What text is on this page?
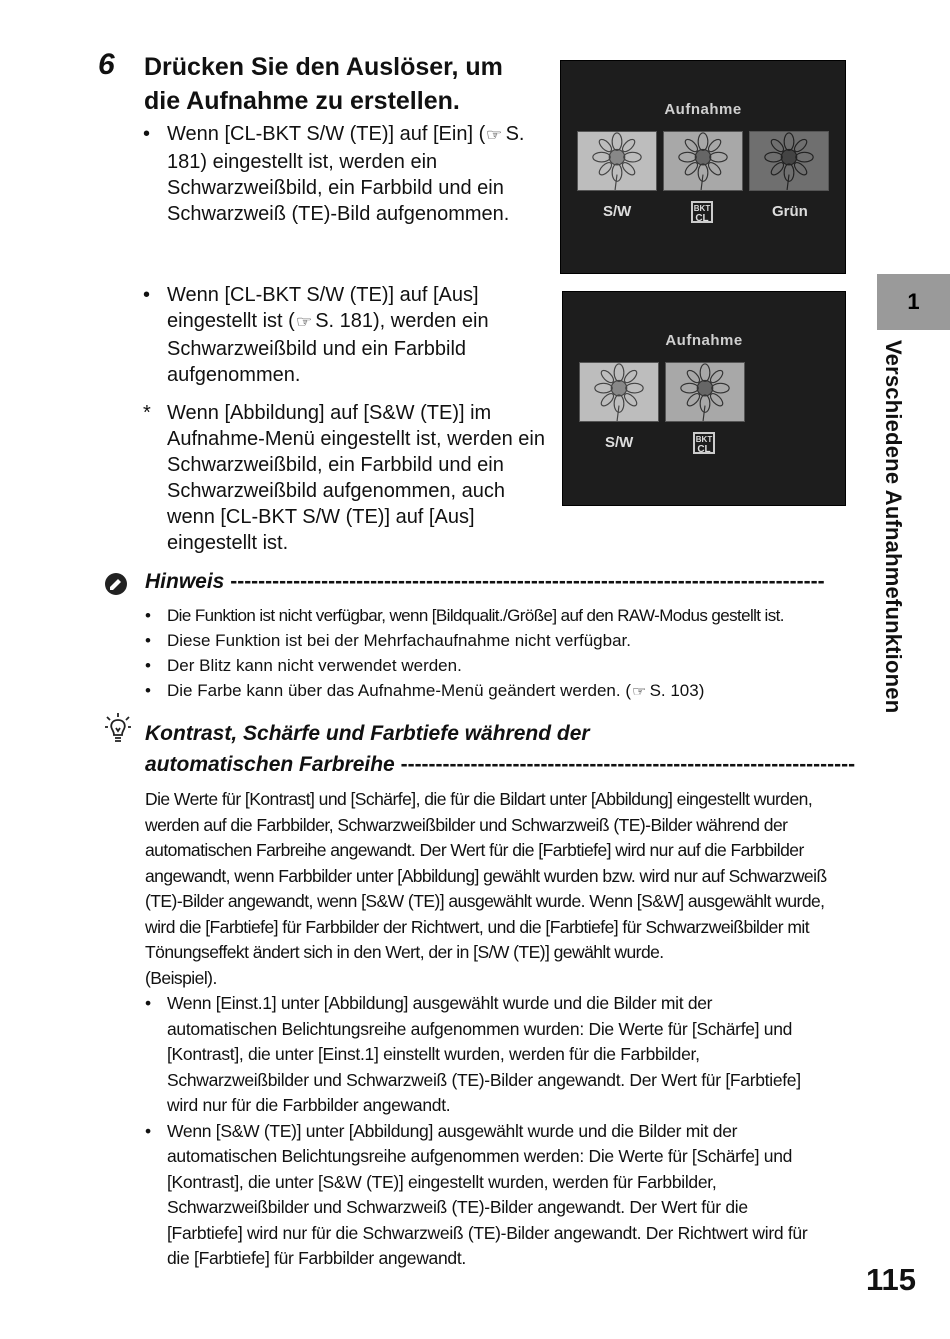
6 Drücken Sie den Auslöser, um
die Aufnahme zu erstellen.
• Wenn [CL-BKT S/W (TE)] auf [Ein] (☞ S. 181) eingestellt ist, werden ein Schwarzweißbild, ein Farbbild und ein Schwarzweiß (TE)-Bild aufgenommen.
• Wenn [CL-BKT S/W (TE)] auf [Aus] eingestellt ist (☞ S. 181), werden ein Schwarzweißbild und ein Farbbild aufgenommen.
* Wenn [Abbildung] auf [S&W (TE)] im Aufnahme-Menü eingestellt ist, werden ein Schwarzweißbild, ein Farbbild und ein Schwarzweißbild aufgenommen, auch wenn [CL-BKT S/W (TE)] auf [Aus] eingestellt ist.
Aufnahme
S/W	BKT
CL	Grün
Aufnahme
S/W	BKT
CL
1
Verschiedene Aufnahmefunktionen
Hinweis -------------------------------------------------------------------------------------
• Die Funktion ist nicht verfügbar, wenn [Bildqualit./Größe] auf den RAW-Modus gestellt ist.
• Diese Funktion ist bei der Mehrfachaufnahme nicht verfügbar.
• Der Blitz kann nicht verwendet werden.
• Die Farbe kann über das Aufnahme-Menü geändert werden. (☞ S. 103)
Kontrast, Schärfe und Farbtiefe während der
automatischen Farbreihe -----------------------------------------------------------------
Die Werte für [Kontrast] und [Schärfe], die für die Bildart unter [Abbildung] eingestellt wurden,
werden auf die Farbbilder, Schwarzweißbilder und Schwarzweiß (TE)-Bilder während der
automatischen Farbreihe angewandt. Der Wert für die [Farbtiefe] wird nur auf die Farbbilder
angewandt, wenn Farbbilder unter [Abbildung] gewählt wurden bzw. wird nur auf Schwarzweiß
(TE)-Bilder angewandt, wenn [S&W (TE)] ausgewählt wurde. Wenn [S&W] ausgewählt wurde,
wird die [Farbtiefe] für Farbbilder der Richtwert, und die [Farbtiefe] für Schwarzweißbilder mit
Tönungseffekt ändert sich in den Wert, der in [S/W (TE)] gewählt wurde.
(Beispiel).
• Wenn [Einst.1] unter [Abbildung] ausgewählt wurde und die Bilder mit der
automatischen Belichtungsreihe aufgenommen wurden: Die Werte für [Schärfe] und
[Kontrast], die unter [Einst.1] einstellt wurden, werden für die Farbbilder,
Schwarzweißbilder und Schwarzweiß (TE)-Bilder angewandt. Der Wert für [Farbtiefe]
wird nur für die Farbbilder angewandt.
• Wenn [S&W (TE)] unter [Abbildung] ausgewählt wurde und die Bilder mit der
automatischen Belichtungsreihe aufgenommen werden: Die Werte für [Schärfe] und
[Kontrast], die unter [S&W (TE)] eingestellt wurden, werden für Farbbilder,
Schwarzweißbilder und Schwarzweiß (TE)-Bilder angewandt. Der Wert für die
[Farbtiefe] wird nur für die Schwarzweiß (TE)-Bilder angewandt. Der Richtwert wird für
die [Farbtiefe] für Farbbilder angewandt.
115
